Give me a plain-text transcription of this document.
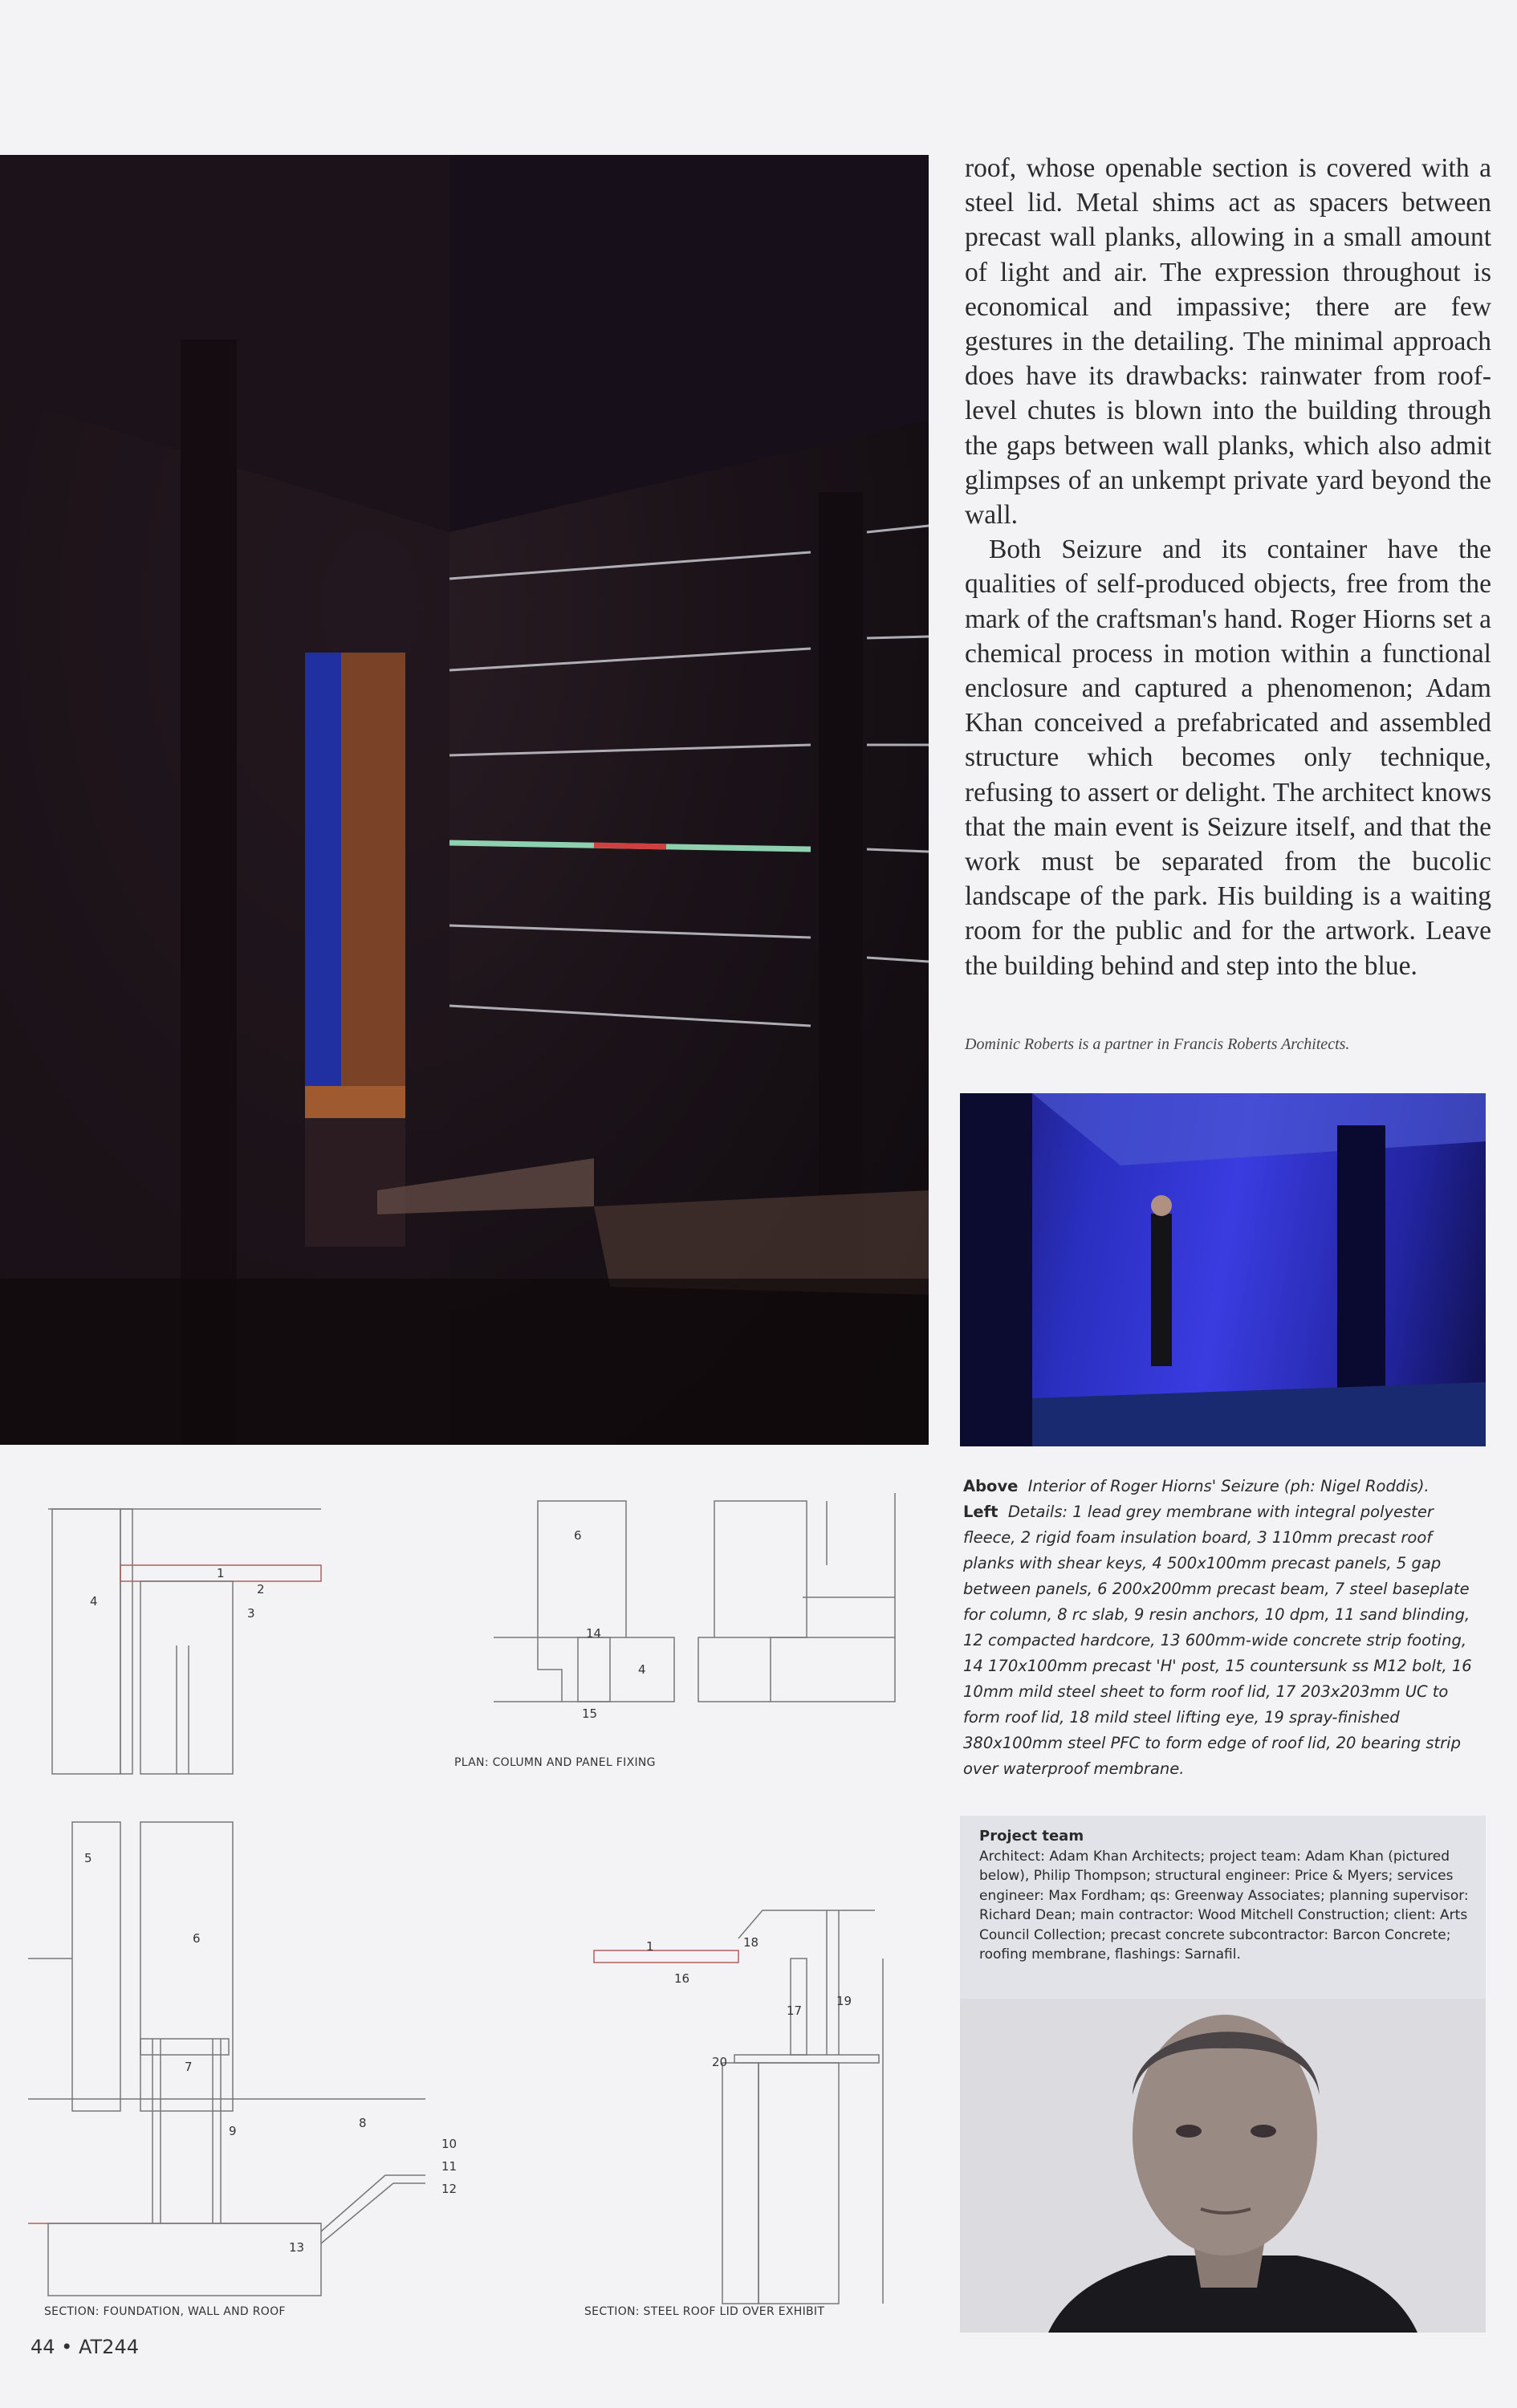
roof, whose openable section is covered with a steel lid. Metal shims act as spacers between precast wall planks, allowing in a small amount of light and air. The expression throughout is economical and impassive; there are few gestures in the detailing. The minimal approach does have its drawbacks: rainwater from roof-level chutes is blown into the building through the gaps between wall planks, which also admit glimpses of an unkempt private yard beyond the wall.

Both Seizure and its container have the qualities of self-produced objects, free from the mark of the craftsman's hand. Roger Hiorns set a chemical process in motion within a functional enclosure and captured a phenomenon; Adam Khan conceived a prefabricated and assembled structure which becomes only technique, refusing to assert or delight. The architect knows that the main event is Seizure itself, and that the work must be separated from the bucolic landscape of the park. His building is a waiting room for the public and for the artwork. Leave the building behind and step into the blue.

Dominic Roberts is a partner in Francis Roberts Architects.
Above Interior of Roger Hiorns' Seizure (ph: Nigel Roddis).
Left Details: 1 lead grey membrane with integral polyester fleece, 2 rigid foam insulation board, 3 110mm precast roof planks with shear keys, 4 500x100mm precast panels, 5 gap between panels, 6 200x200mm precast beam, 7 steel baseplate for column, 8 rc slab, 9 resin anchors, 10 dpm, 11 sand blinding, 12 compacted hardcore, 13 600mm-wide concrete strip footing, 14 170x100mm precast 'H' post, 15 countersunk ss M12 bolt, 16 10mm mild steel sheet to form roof lid, 17 203x203mm UC to form roof lid, 18 mild steel lifting eye, 19 spray-finished 380x100mm steel PFC to form edge of roof lid, 20 bearing strip over waterproof membrane.
Project team
Architect: Adam Khan Architects; project team: Adam Khan (pictured below), Philip Thompson; structural engineer: Price & Myers; services engineer: Max Fordham; qs: Greenway Associates; planning supervisor: Richard Dean; main contractor: Wood Mitchell Construction; client: Arts Council Collection; precast concrete subcontractor: Barcon Concrete; roofing membrane, flashings: Sarnafil.
1
2
3
4
5
6
7
8
9
10
11
12
13
14
15
6
4
1
16
17
18
19
20
PLAN: COLUMN AND PANEL FIXING
SECTION: FOUNDATION, WALL AND ROOF	SECTION: STEEL ROOF LID OVER EXHIBIT
44 • AT244
